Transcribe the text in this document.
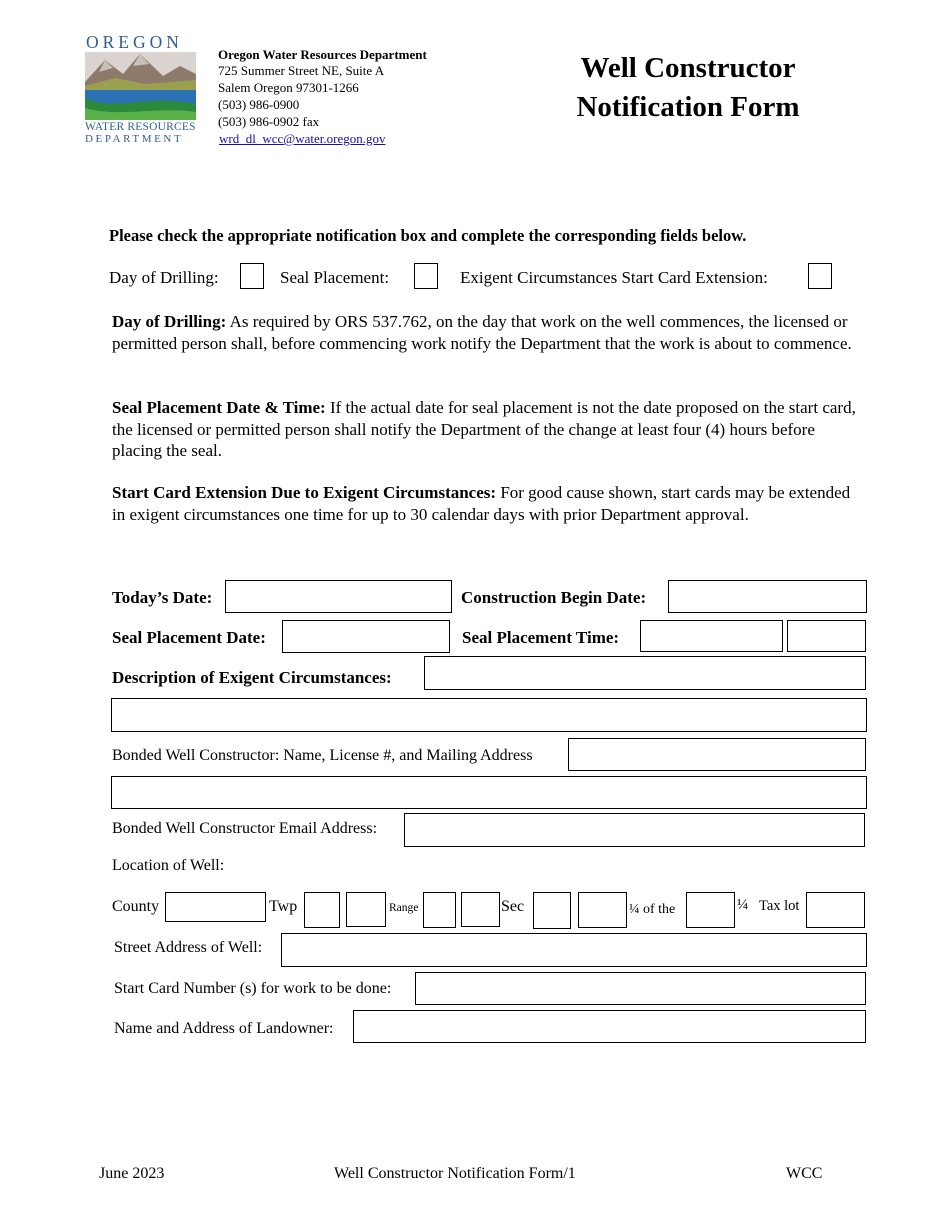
OREGON
WATER RESOURCES
DEPARTMENT
Oregon Water Resources Department
725 Summer Street NE, Suite A
Salem Oregon 97301-1266
(503) 986-0900
(503) 986-0902 fax
wrd_dl_wcc@water.oregon.gov
Well Constructor
Notification Form
Please check the appropriate notification box and complete the corresponding fields below.
Day of Drilling:	Seal Placement:	Exigent Circumstances Start Card Extension:
Day of Drilling: As required by ORS 537.762, on the day that work on the well commences, the licensed or permitted person shall, before commencing work notify the Department that the work is about to commence.
Seal Placement Date & Time: If the actual date for seal placement is not the date proposed on the start card, the licensed or permitted person shall notify the Department of the change at least four (4) hours before placing the seal.
Start Card Extension Due to Exigent Circumstances: For good cause shown, start cards may be extended in exigent circumstances one time for up to 30 calendar days with prior Department approval.
Today’s Date:	Construction Begin Date:
Seal Placement Date:	Seal Placement Time:
Description of Exigent Circumstances:
Bonded Well Constructor: Name, License #, and Mailing Address
Bonded Well Constructor Email Address:
Location of Well:
County	Twp	Range	Sec	¼ of the	¼ Tax lot
Street Address of Well:
Start Card Number (s) for work to be done:
Name and Address of Landowner:
June 2023	Well Constructor Notification Form/1	WCC
